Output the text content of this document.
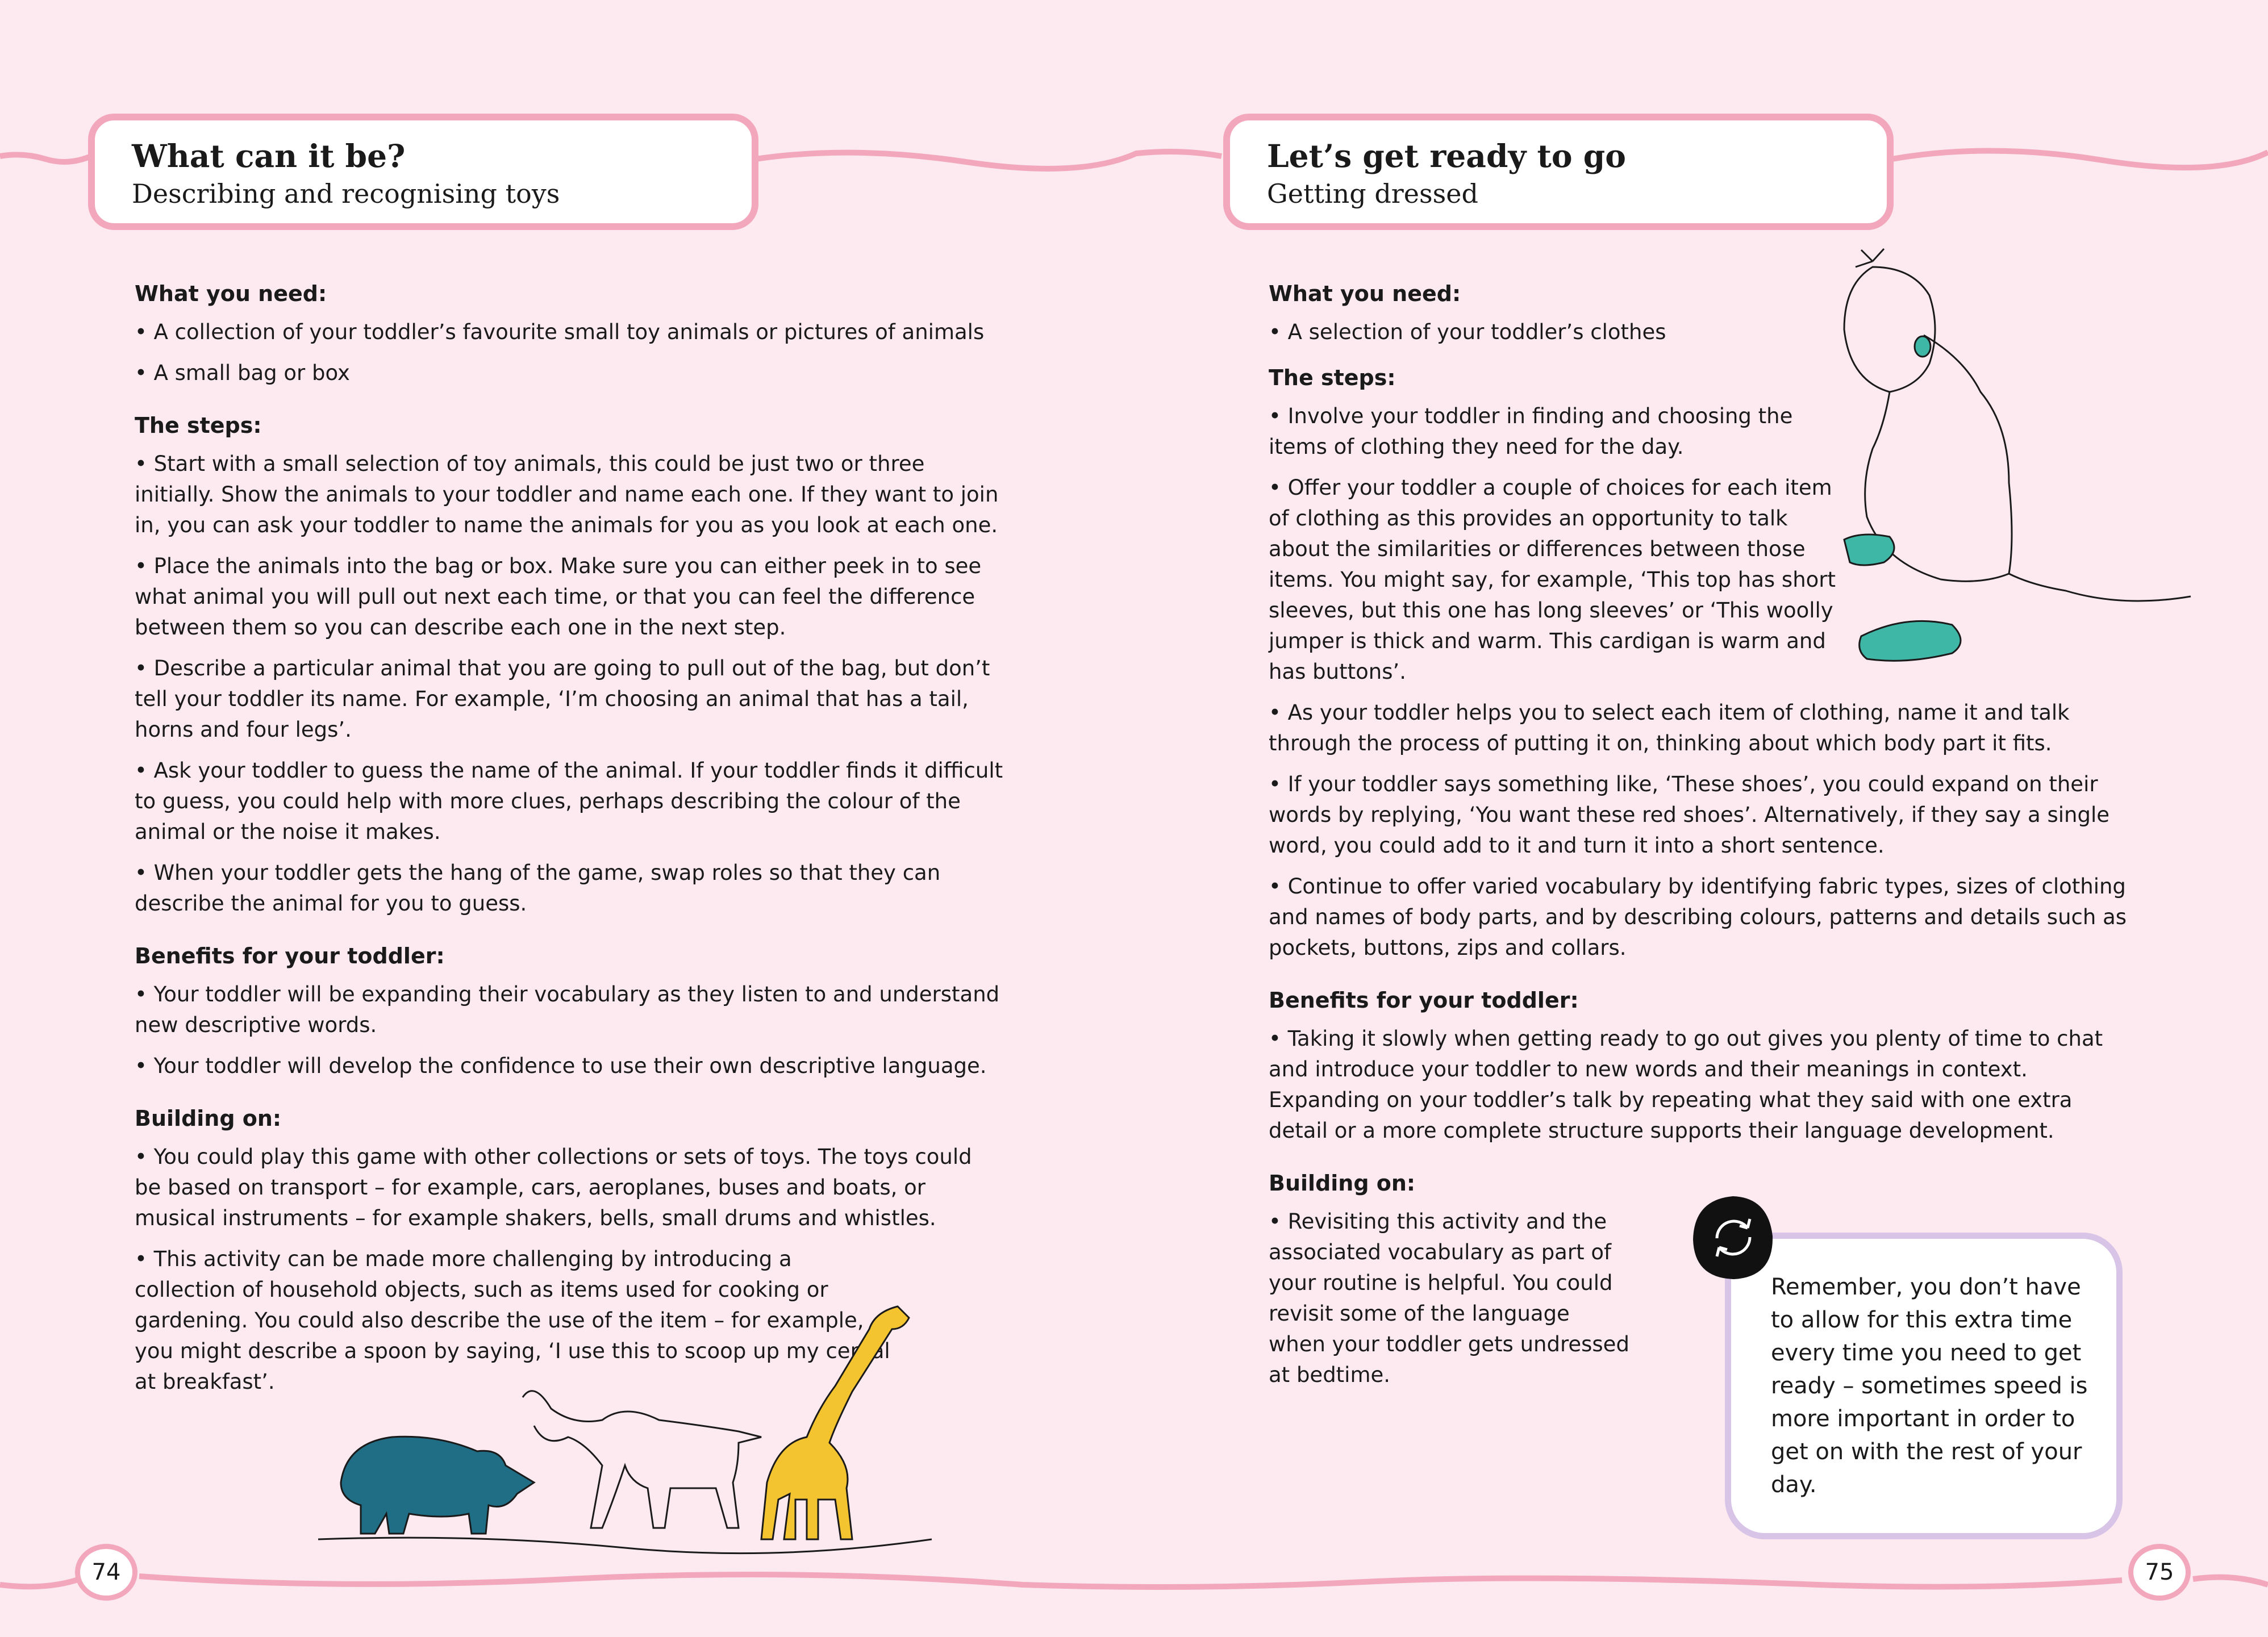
What can it be?
Describing and recognising toys
What you need:

• A collection of your toddler’s favourite small toy animals or pictures of animals

• A small bag or box

The steps:

• Start with a small selection of toy animals, this could be just two or three initially. Show the animals to your toddler and name each one. If they want to join in, you can ask your toddler to name the animals for you as you look at each one.

• Place the animals into the bag or box. Make sure you can either peek in to see what animal you will pull out next each time, or that you can feel the difference between them so you can describe each one in the next step.

• Describe a particular animal that you are going to pull out of the bag, but don’t tell your toddler its name. For example, ‘I’m choosing an animal that has a tail, horns and four legs’.

• Ask your toddler to guess the name of the animal. If your toddler finds it difficult to guess, you could help with more clues, perhaps describing the colour of the animal or the noise it makes.

• When your toddler gets the hang of the game, swap roles so that they can describe the animal for you to guess.

Benefits for your toddler:

• Your toddler will be expanding their vocabulary as they listen to and understand new descriptive words.

• Your toddler will develop the confidence to use their own descriptive language.

Building on:

• You could play this game with other collections or sets of toys. The toys could be based on transport – for example, cars, aeroplanes, buses and boats, or musical instruments – for example shakers, bells, small drums and whistles.

• This activity can be made more challenging by introducing a collection of household objects, such as items used for cooking or gardening. You could also describe the use of the item – for example, you might describe a spoon by saying, ‘I use this to scoop up my cereal at breakfast’.

74
Let’s get ready to go
Getting dressed
What you need:

• A selection of your toddler’s clothes

The steps:

• Involve your toddler in finding and choosing the items of clothing they need for the day.

• Offer your toddler a couple of choices for each item of clothing as this provides an opportunity to talk about the similarities or differences between those items. You might say, for example, ‘This top has short sleeves, but this one has long sleeves’ or ‘This woolly jumper is thick and warm. This cardigan is warm and has buttons’.

• As your toddler helps you to select each item of clothing, name it and talk through the process of putting it on, thinking about which body part it fits.

• If your toddler says something like, ‘These shoes’, you could expand on their words by replying, ‘You want these red shoes’. Alternatively, if they say a single word, you could add to it and turn it into a short sentence.

• Continue to offer varied vocabulary by identifying fabric types, sizes of clothing and names of body parts, and by describing colours, patterns and details such as pockets, buttons, zips and collars.

Benefits for your toddler:

• Taking it slowly when getting ready to go out gives you plenty of time to chat and introduce your toddler to new words and their meanings in context. Expanding on your toddler’s talk by repeating what they said with one extra detail or a more complete structure supports their language development.

Building on:

• Revisiting this activity and the associated vocabulary as part of your routine is helpful. You could revisit some of the language when your toddler gets undressed at bedtime.

75
Remember, you don’t have to allow for this extra time every time you need to get ready – sometimes speed is more important in order to get on with the rest of your day.
